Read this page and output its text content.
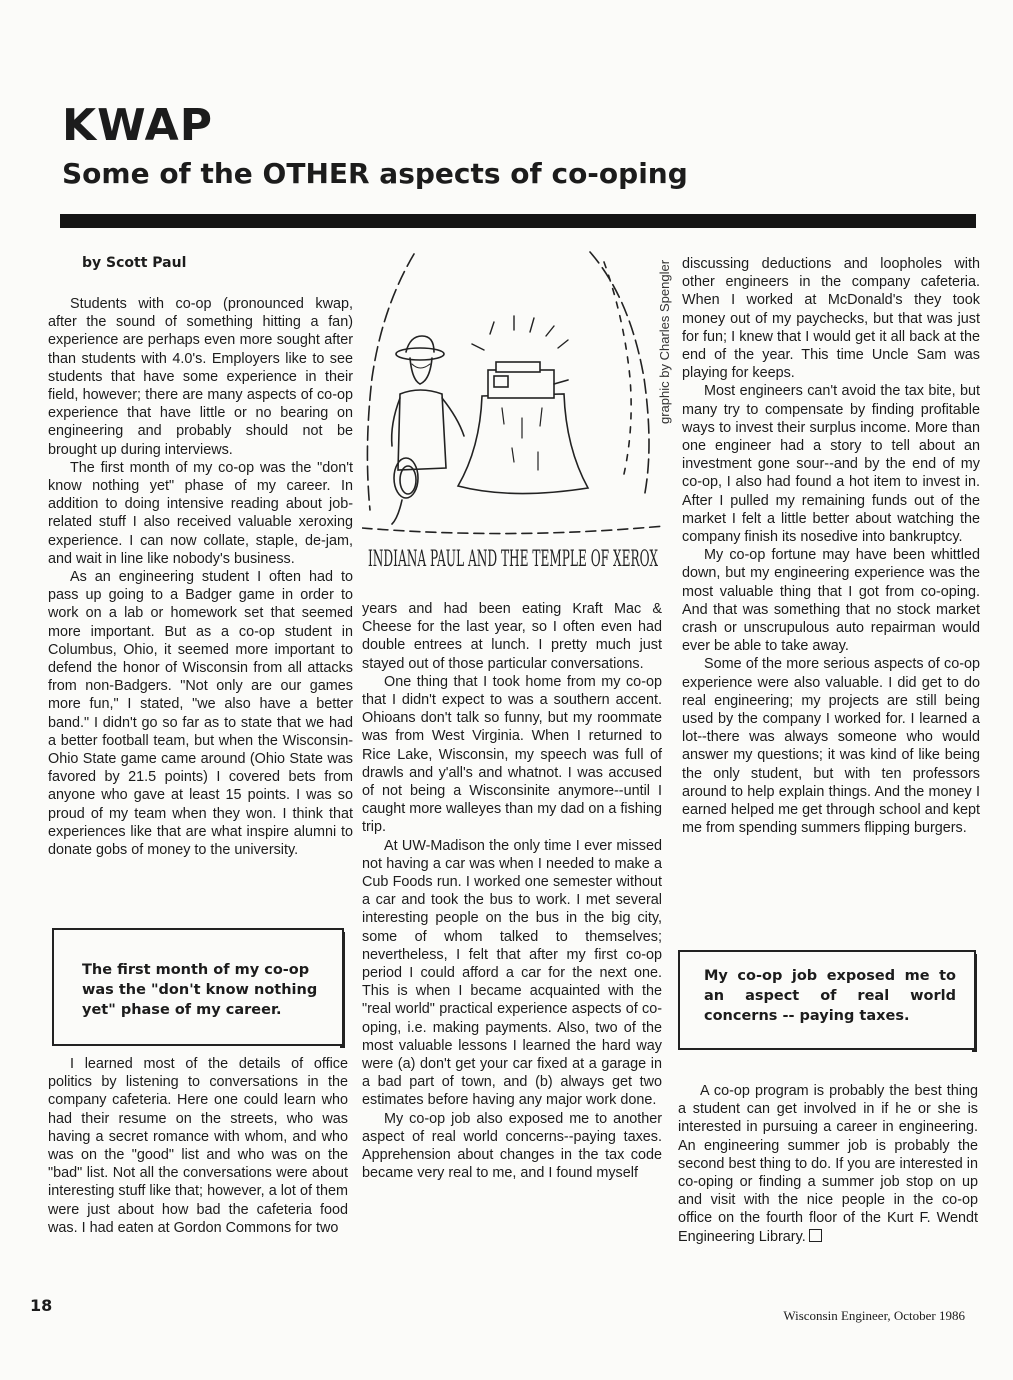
KWAP
Some of the OTHER aspects of co-oping
by Scott Paul

Students with co-op (pronounced kwap, after the sound of something hitting a fan) experience are perhaps even more sought after than students with 4.0's. Employers like to see students that have some experience in their field, however; there are many aspects of co-op experience that have little or no bearing on engineering and probably should not be brought up during interviews.

The first month of my co-op was the "don't know nothing yet" phase of my career. In addition to doing intensive reading about job-related stuff I also received valuable xeroxing experience. I can now collate, staple, de-jam, and wait in line like nobody's business.

As an engineering student I often had to pass up going to a Badger game in order to work on a lab or homework set that seemed more important. But as a co-op student in Columbus, Ohio, it seemed more important to defend the honor of Wisconsin from all attacks from non-Badgers. "Not only are our games more fun," I stated, "we also have a better band." I didn't go so far as to state that we had a better football team, but when the Wisconsin-Ohio State game came around (Ohio State was favored by 21.5 points) I covered bets from anyone who gave at least 15 points. I was so proud of my team when they won. I think that experiences like that are what inspire alumni to donate gobs of money to the university.

The first month of my co-op was the "don't know nothing yet" phase of my career.

I learned most of the details of office politics by listening to conversations in the company cafeteria. Here one could learn who had their resume on the streets, who was having a secret romance with whom, and who was on the "good" list and who was on the "bad" list. Not all the conversations were about interesting stuff like that; however, a lot of them were just about how bad the cafeteria food was. I had eaten at Gordon Commons for two

INDIANA PAUL AND THE TEMPLE OF XEROX
graphic by Charles Spengler

years and had been eating Kraft Mac & Cheese for the last year, so I often even had double entrees at lunch. I pretty much just stayed out of those particular conversations.

One thing that I took home from my co-op that I didn't expect to was a southern accent. Ohioans don't talk so funny, but my roommate was from West Virginia. When I returned to Rice Lake, Wisconsin, my speech was full of drawls and y'all's and whatnot. I was accused of not being a Wisconsinite anymore--until I caught more walleyes than my dad on a fishing trip.

At UW-Madison the only time I ever missed not having a car was when I needed to make a Cub Foods run. I worked one semester without a car and took the bus to work. I met several interesting people on the bus in the big city, some of whom talked to themselves; nevertheless, I felt that after my first co-op period I could afford a car for the next one. This is when I became acquainted with the "real world" practical experience aspects of co-oping, i.e. making payments. Also, two of the most valuable lessons I learned the hard way were (a) don't get your car fixed at a garage in a bad part of town, and (b) always get two estimates before having any major work done.

My co-op job also exposed me to another aspect of real world concerns--paying taxes. Apprehension about changes in the tax code became very real to me, and I found myself

discussing deductions and loopholes with other engineers in the company cafeteria. When I worked at McDonald's they took money out of my paychecks, but that was just for fun; I knew that I would get it all back at the end of the year. This time Uncle Sam was playing for keeps.

Most engineers can't avoid the tax bite, but many try to compensate by finding profitable ways to invest their surplus income. More than one engineer had a story to tell about an investment gone sour--and by the end of my co-op, I also had found a hot item to invest in. After I pulled my remaining funds out of the market I felt a little better about watching the company finish its nosedive into bankruptcy.

My co-op fortune may have been whittled down, but my engineering experience was the most valuable thing that I got from co-oping. And that was something that no stock market crash or unscrupulous auto repairman would ever be able to take away.

Some of the more serious aspects of co-op experience were also valuable. I did get to do real engineering; my projects are still being used by the company I worked for. I learned a lot--there was always someone who would answer my questions; it was kind of like being the only student, but with ten professors around to help explain things. And the money I earned helped me get through school and kept me from spending summers flipping burgers.

My co-op job exposed me to an aspect of real world concerns -- paying taxes.

A co-op program is probably the best thing a student can get involved in if he or she is interested in pursuing a career in engineering. An engineering summer job is probably the second best thing to do. If you are interested in co-oping or finding a summer job stop on up and visit with the nice people in the co-op office on the fourth floor of the Kurt F. Wendt Engineering Library.

18
Wisconsin Engineer, October 1986
